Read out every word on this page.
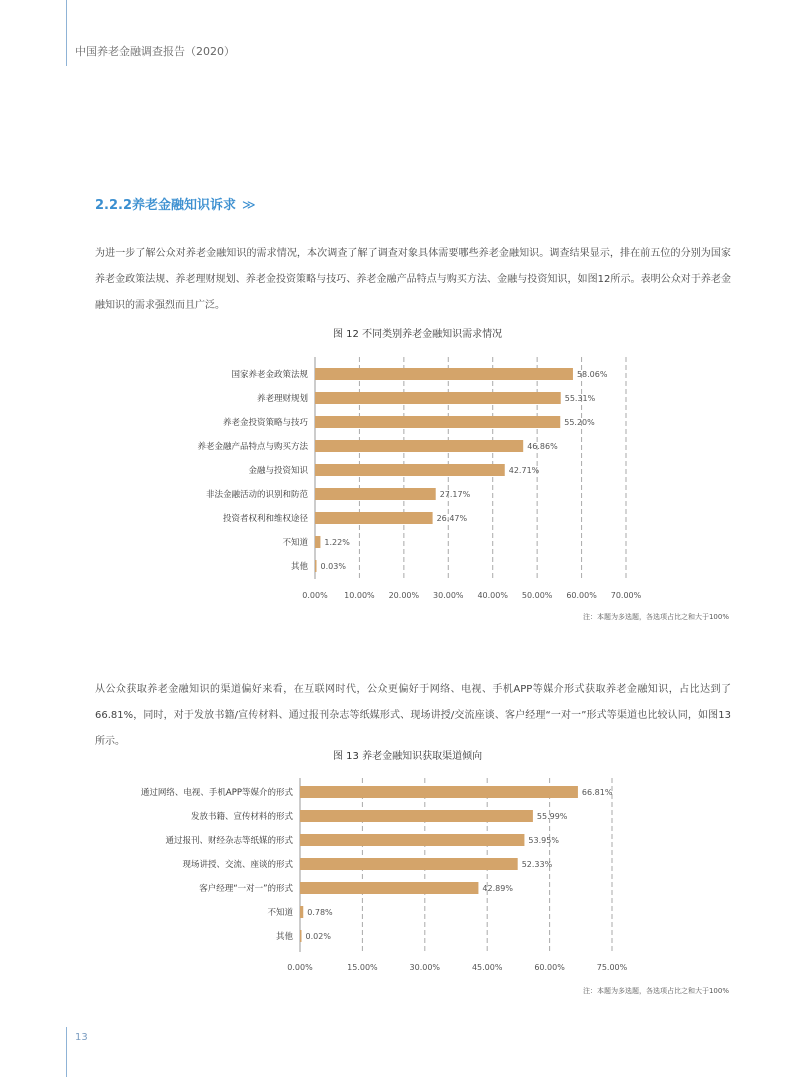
中国养老金融调查报告（2020）
2.2.2养老金融知识诉求 ≫
为进一步了解公众对养老金融知识的需求情况，本次调查了解了调查对象具体需要哪些养老金融知识。调查结果显示，排在前五位的分别为国家养老金政策法规、养老理财规划、养老金投资策略与技巧、养老金融产品特点与购买方法、金融与投资知识，如图12所示。表明公众对于养老金融知识的需求强烈而且广泛。
图 12 不同类别养老金融知识需求情况
0.00% 10.00% 20.00% 30.00% 40.00% 50.00% 60.00% 70.00%
国家养老金政策法规	58.06%
养老理财规划	55.31%
养老金投资策略与技巧	55.20%
养老金融产品特点与购买方法	46.86%
金融与投资知识	42.71%
非法金融活动的识别和防范	27.17%
投资者权利和维权途径	26.47%
不知道 1.22%
其他 0.03%
注：本题为多选题，各选项占比之和大于100%
从公众获取养老金融知识的渠道偏好来看，在互联网时代，公众更偏好于网络、电视、手机APP等媒介形式获取养老金融知识，占比达到了66.81%，同时，对于发放书籍/宣传材料、通过报刊杂志等纸媒形式、现场讲授/交流座谈、客户经理“一对一”形式等渠道也比较认同，如图13所示。
图 13 养老金融知识获取渠道倾向
0.00%	15.00%	30.00%	45.00%	60.00%	75.00%
通过网络、电视、手机APP等媒介的形式	66.81%
发放书籍、宣传材料的形式	55.99%
通过报刊、财经杂志等纸媒的形式	53.95%
现场讲授、交流、座谈的形式	52.33%
客户经理“一对一”的形式	42.89%
不知道 0.78%
其他 0.02%
注：本题为多选题，各选项占比之和大于100%
13
